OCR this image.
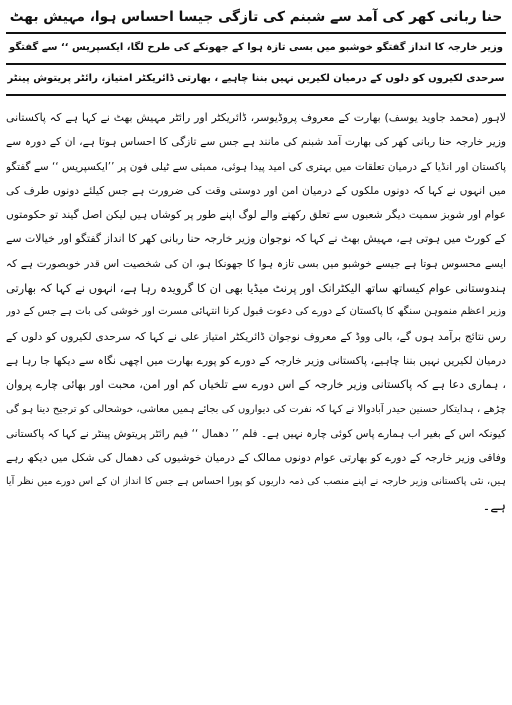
حنا ربانی کھر کی آمد سے شبنم کی تازگی جیسا احساس ہوا، مہیش بھٹ
وزیر خارجہ کا انداز گفتگو خوشبو میں بسی تازہ ہوا کے جھونکے کی طرح لگا، ایکسپریس ‘‘ سے گفتگو
سرحدی لکیروں کو دلوں کے درمیان لکیریں نہیں بننا چاہیے ، بھارتی ڈائریکٹر امتیاز، رائٹر پریتوش پینٹر
لاہور (محمد جاوید یوسف) بھارت کے معروف پروڈیوسر، ڈائریکٹر اور رائٹر مہیش بھٹ نے کہا ہے کہ پاکستانی
وزیر خارجہ حنا ربانی کھر کی بھارت آمد شبنم کی مانند ہے جس سے تازگی کا احساس ہوتا ہے، ان کے دورہ سے
پاکستان اور انڈیا کے درمیان تعلقات میں بہتری کی امید پیدا ہوئی، ممبئی سے ٹیلی فون پر ’’ایکسپریس ‘‘ سے گفتگو
میں انہوں نے کہا کہ دونوں ملکوں کے درمیان امن اور دوستی وقت کی ضرورت ہے جس کیلئے دونوں طرف کی
عوام اور شوبز سمیت دیگر شعبوں سے تعلق رکھنے والے لوگ اپنے طور پر کوشاں ہیں لیکن اصل گیند تو حکومتوں
کے کورٹ میں ہوتی ہے، مہیش بھٹ نے کہا کہ نوجوان وزیر خارجہ حنا ربانی کھر کا انداز گفتگو اور خیالات سے
ایسے محسوس ہوتا ہے جیسے خوشبو میں بسی تازہ ہوا کا جھونکا ہو، ان کی شخصیت اس قدر خوبصورت ہے کہ
ہندوستانی عوام کیساتھ ساتھ الیکٹرانک اور پرنٹ میڈیا بھی ان کا گرویدہ رہا ہے، انہوں نے کہا کہ بھارتی
وزیر اعظم منموہن سنگھ کا پاکستان کے دورے کی دعوت قبول کرنا انتہائی مسرت اور خوشی کی بات ہے جس کے دور
رس نتائج برآمد ہوں گے، بالی ووڈ کے معروف نوجوان ڈائریکٹر امتیاز علی نے کہا کہ سرحدی لکیروں کو دلوں کے
درمیان لکیریں نہیں بننا چاہیے، پاکستانی وزیر خارجہ کے دورے کو پورے بھارت میں اچھی نگاہ سے دیکھا جا رہا ہے
، ہماری دعا ہے کہ پاکستانی وزیر خارجہ کے اس دورے سے تلخیاں کم اور امن، محبت اور بھائی چارے پروان
چڑھے ، ہدایتکار حسنین حیدر آبادوالا نے کہا کہ نفرت کی دیواروں کی بجائے ہمیں معاشی، خوشحالی کو ترجیح دینا ہو گی
کیونکہ اس کے بغیر اب ہمارے پاس کوئی چارہ نہیں ہے۔ فلم ’’ دھمال ‘‘ فیم رائٹر پریتوش پینٹر نے کہا کہ پاکستانی
وفاقی وزیر خارجہ کے دورے کو بھارتی عوام دونوں ممالک کے درمیان خوشیوں کی دھمال کی شکل میں دیکھ رہے
ہیں، نئی پاکستانی وزیر خارجہ نے اپنے منصب کی ذمہ داریوں کو پورا احساس ہے جس کا انداز ان کے اس دورے میں نظر آیا
ہے۔
